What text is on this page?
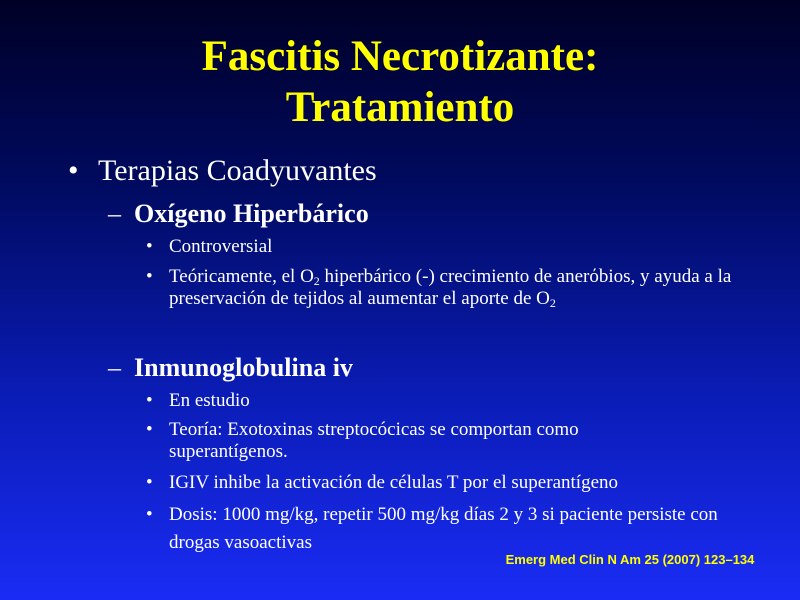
Fascitis Necrotizante:
Tratamiento
• Terapias Coadyuvantes
– Oxígeno Hiperbárico
• Controversial
• Teóricamente, el $O_2$ hiperbárico (-) crecimiento de anerόbios, y ayuda a la preservación de tejidos al aumentar el aporte de $O_2$
– Inmunoglobulina iv
• En estudio
• Teoría: Exotoxinas streptocócicas se comportan como superantígenos.
• IGIV inhibe la activación de células T por el superantígeno
• Dosis: 1000 mg/kg, repetir 500 mg/kg días 2 y 3 si paciente persiste con drogas vasoactivas
Emerg Med Clin N Am 25 (2007) 123–134
